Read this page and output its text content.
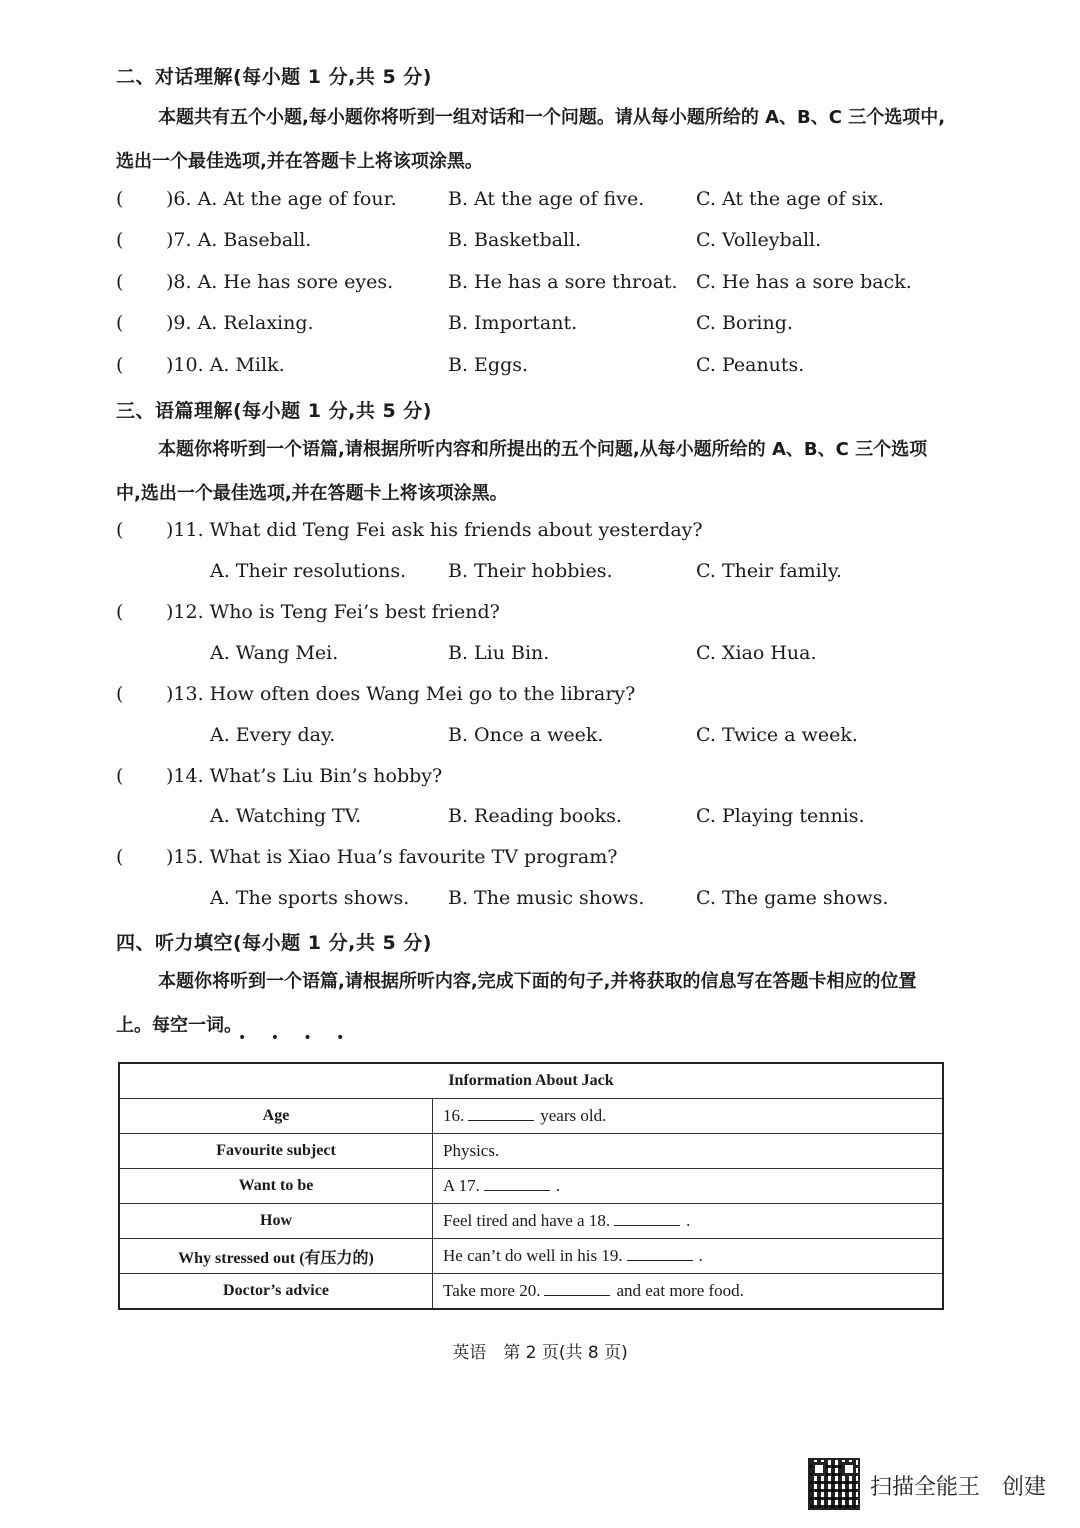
二、对话理解(每小题 1 分,共 5 分)
本题共有五个小题,每小题你将听到一组对话和一个问题。请从每小题所给的 A、B、C 三个选项中,选出一个最佳选项,并在答题卡上将该项涂黑。
( )6. A. At the age of four.	B. At the age of five.	C. At the age of six.
( )7. A. Baseball.	B. Basketball.	C. Volleyball.
( )8. A. He has sore eyes.	B. He has a sore throat. C. He has a sore back.
( )9. A. Relaxing.	B. Important.	C. Boring.
( )10. A. Milk.	B. Eggs.	C. Peanuts.
三、语篇理解(每小题 1 分,共 5 分)
本题你将听到一个语篇,请根据所听内容和所提出的五个问题,从每小题所给的 A、B、C 三个选项中,选出一个最佳选项,并在答题卡上将该项涂黑。
( )11. What did Teng Fei ask his friends about yesterday?
A. Their resolutions. B. Their hobbies.	C. Their family.
( )12. Who is Teng Fei’s best friend?
A. Wang Mei.	B. Liu Bin.	C. Xiao Hua.
( )13. How often does Wang Mei go to the library?
A. Every day.	B. Once a week.	C. Twice a week.
( )14. What’s Liu Bin’s hobby?
A. Watching TV.	B. Reading books.	C. Playing tennis.
( )15. What is Xiao Hua’s favourite TV program?
A. The sports shows. B. The music shows.	C. The game shows.
四、听力填空(每小题 1 分,共 5 分)
本题你将听到一个语篇,请根据所听内容,完成下面的句子,并将获取的信息写在答题卡相应的位置上。每空一词。
• • • •
Information About Jack	
Age	16. years old.
Favourite subject	Physics.
Want to be	A 17. .
How	Feel tired and have a 18. .
Why stressed out (有压力的)	He can’t do well in his 19. .
Doctor’s advice	Take more 20. and eat more food.
英语　第 2 页(共 8 页)
扫描全能王　创建
